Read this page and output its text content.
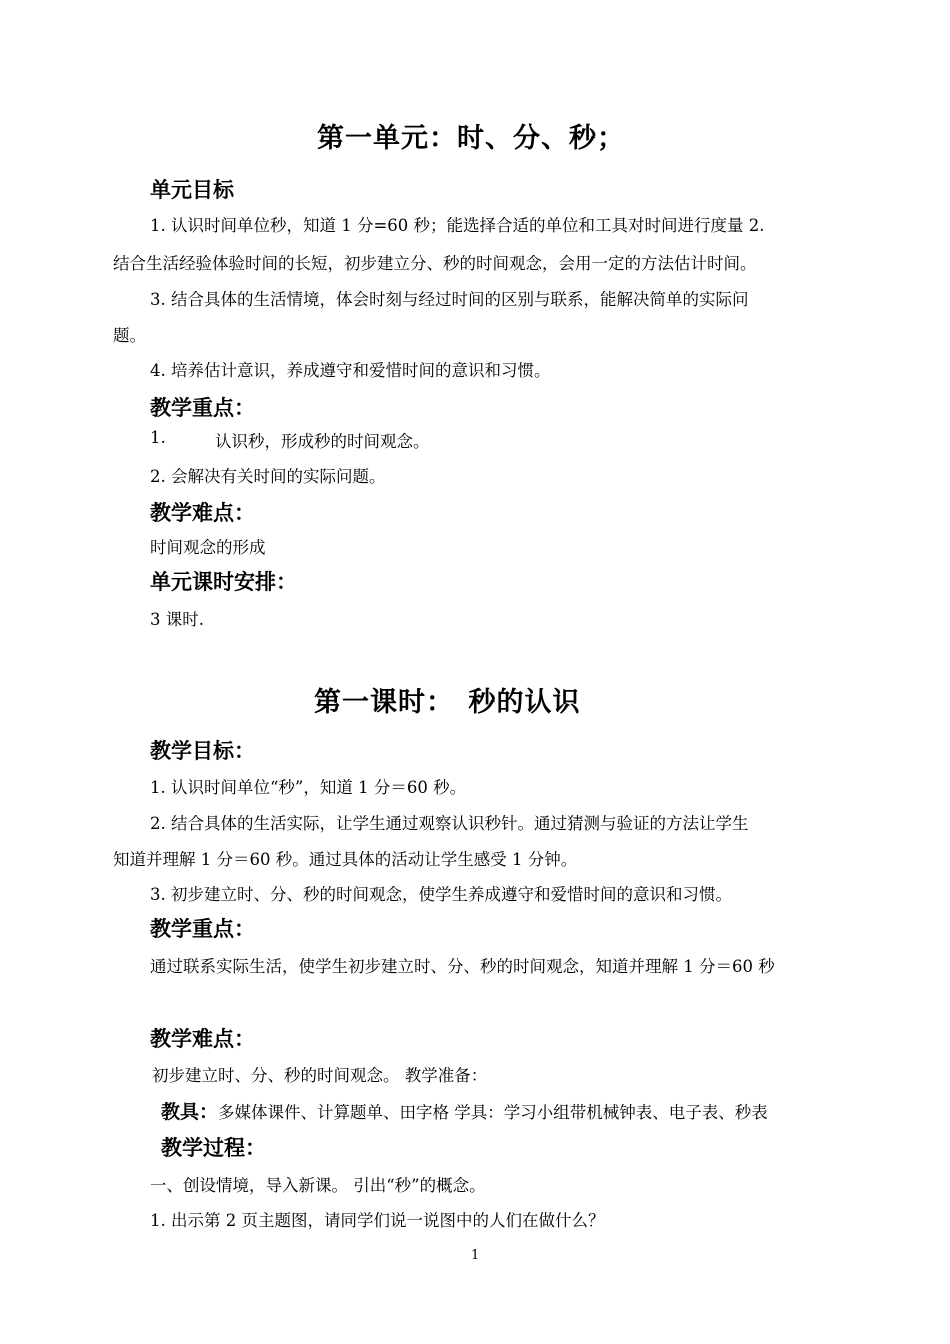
第一单元：时、分、秒；
单元目标
1. 认识时间单位秒，知道 1 分=60 秒；能选择合适的单位和工具对时间进行度量 2.
结合生活经验体验时间的长短，初步建立分、秒的时间观念，会用一定的方法估计时间。
3. 结合具体的生活情境，体会时刻与经过时间的区别与联系，能解决简单的实际问
题。
4. 培养估计意识，养成遵守和爱惜时间的意识和习惯。
教学重点：
1.	认识秒，形成秒的时间观念。
2. 会解决有关时间的实际问题。
教学难点：
时间观念的形成
单元课时安排：
3 课时.
第一课时：　秒的认识
教学目标：
1. 认识时间单位“秒”，知道 1 分＝60 秒。
2. 结合具体的生活实际，让学生通过观察认识秒针。通过猜测与验证的方法让学生
知道并理解 1 分＝60 秒。通过具体的活动让学生感受 1 分钟。
3. 初步建立时、分、秒的时间观念，使学生养成遵守和爱惜时间的意识和习惯。
教学重点：
通过联系实际生活，使学生初步建立时、分、秒的时间观念，知道并理解 1 分＝60 秒
教学难点：
初步建立时、分、秒的时间观念。 教学准备：
教具：多媒体课件、计算题单、田字格 学具：学习小组带机械钟表、电子表、秒表
教学过程：
一、创设情境，导入新课。 引出“秒”的概念。
1. 出示第 2 页主题图，请同学们说一说图中的人们在做什么？
1
